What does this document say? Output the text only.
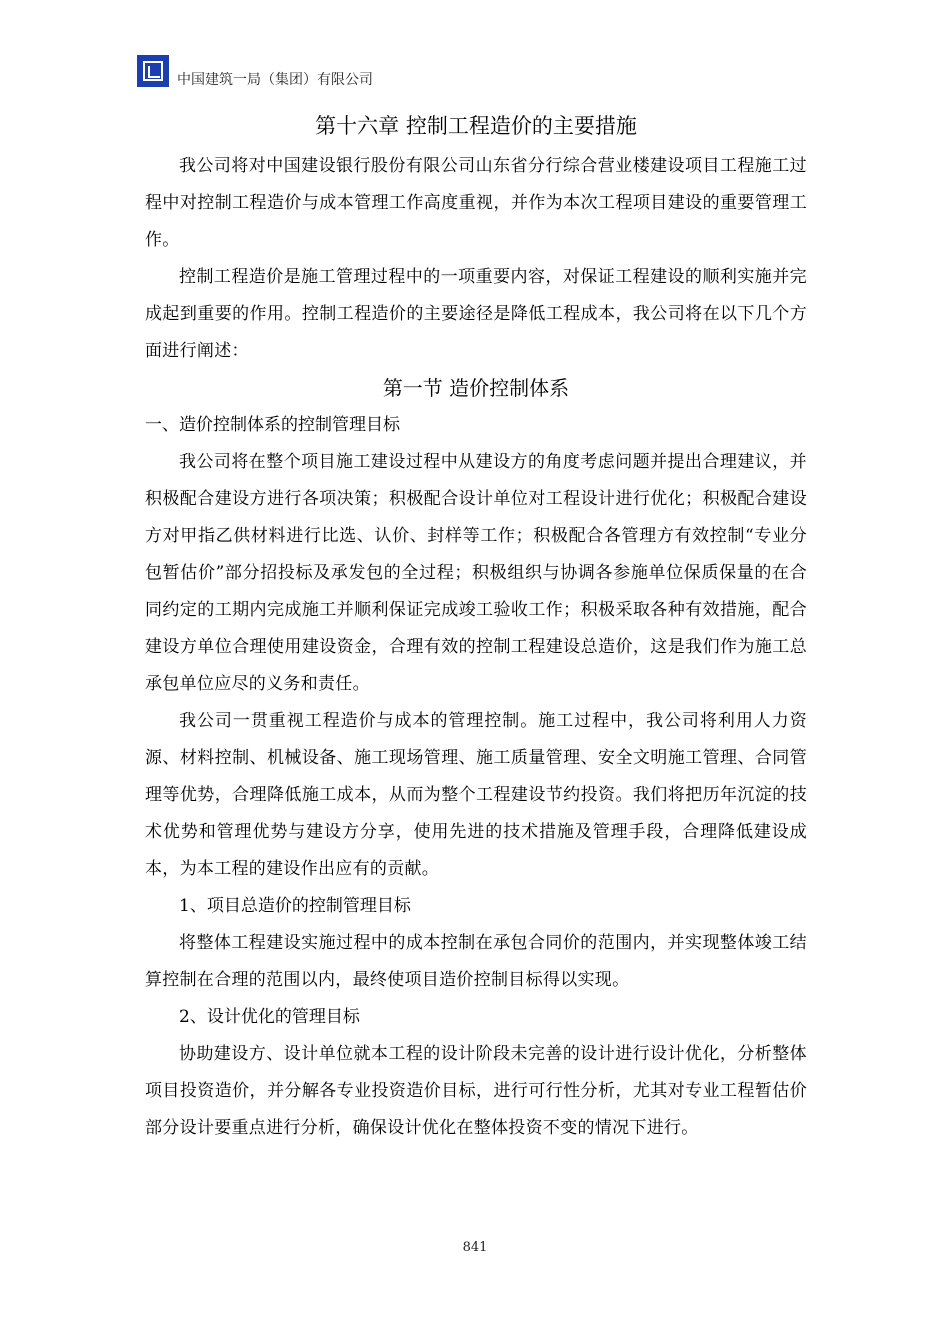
中国建筑一局（集团）有限公司
第十六章 控制工程造价的主要措施

我公司将对中国建设银行股份有限公司山东省分行综合营业楼建设项目工程施工过程中对控制工程造价与成本管理工作高度重视，并作为本次工程项目建设的重要管理工作。

控制工程造价是施工管理过程中的一项重要内容，对保证工程建设的顺利实施并完成起到重要的作用。控制工程造价的主要途径是降低工程成本，我公司将在以下几个方面进行阐述：

第一节 造价控制体系

一、造价控制体系的控制管理目标

我公司将在整个项目施工建设过程中从建设方的角度考虑问题并提出合理建议，并积极配合建设方进行各项决策；积极配合设计单位对工程设计进行优化；积极配合建设方对甲指乙供材料进行比选、认价、封样等工作；积极配合各管理方有效控制“专业分包暂估价”部分招投标及承发包的全过程；积极组织与协调各参施单位保质保量的在合同约定的工期内完成施工并顺利保证完成竣工验收工作；积极采取各种有效措施，配合建设方单位合理使用建设资金，合理有效的控制工程建设总造价，这是我们作为施工总承包单位应尽的义务和责任。

我公司一贯重视工程造价与成本的管理控制。施工过程中，我公司将利用人力资源、材料控制、机械设备、施工现场管理、施工质量管理、安全文明施工管理、合同管理等优势，合理降低施工成本，从而为整个工程建设节约投资。我们将把历年沉淀的技术优势和管理优势与建设方分享，使用先进的技术措施及管理手段，合理降低建设成本，为本工程的建设作出应有的贡献。

1、项目总造价的控制管理目标

将整体工程建设实施过程中的成本控制在承包合同价的范围内，并实现整体竣工结算控制在合理的范围以内，最终使项目造价控制目标得以实现。

2、设计优化的管理目标

协助建设方、设计单位就本工程的设计阶段未完善的设计进行设计优化，分析整体项目投资造价，并分解各专业投资造价目标，进行可行性分析，尤其对专业工程暂估价部分设计要重点进行分析，确保设计优化在整体投资不变的情况下进行。

841
